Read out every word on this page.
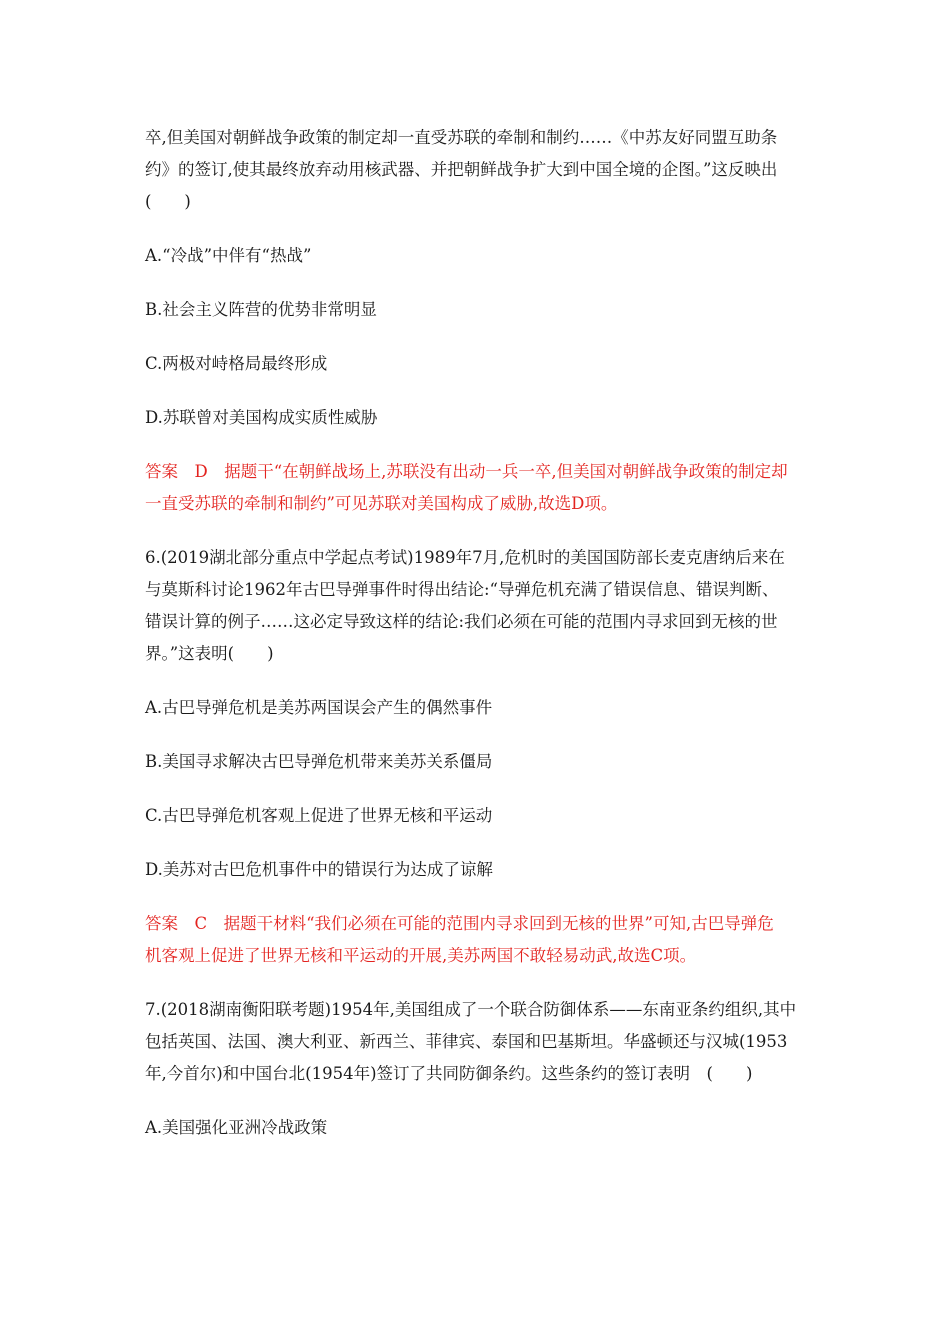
卒,但美国对朝鲜战争政策的制定却一直受苏联的牵制和制约……《中苏友好同盟互助条

约》的签订,使其最终放弃动用核武器、并把朝鲜战争扩大到中国全境的企图。”这反映出

(　　)

A.“冷战”中伴有“热战”

B.社会主义阵营的优势非常明显

C.两极对峙格局最终形成

D.苏联曾对美国构成实质性威胁

答案　D　据题干“在朝鲜战场上,苏联没有出动一兵一卒,但美国对朝鲜战争政策的制定却

一直受苏联的牵制和制约”可见苏联对美国构成了威胁,故选D项。

6.(2019湖北部分重点中学起点考试)1989年7月,危机时的美国国防部长麦克唐纳后来在

与莫斯科讨论1962年古巴导弹事件时得出结论:“导弹危机充满了错误信息、错误判断、

错误计算的例子……这必定导致这样的结论:我们必须在可能的范围内寻求回到无核的世

界。”这表明(　　)

A.古巴导弹危机是美苏两国误会产生的偶然事件

B.美国寻求解决古巴导弹危机带来美苏关系僵局

C.古巴导弹危机客观上促进了世界无核和平运动

D.美苏对古巴危机事件中的错误行为达成了谅解

答案　C　据题干材料“我们必须在可能的范围内寻求回到无核的世界”可知,古巴导弹危

机客观上促进了世界无核和平运动的开展,美苏两国不敢轻易动武,故选C项。

7.(2018湖南衡阳联考题)1954年,美国组成了一个联合防御体系——东南亚条约组织,其中

包括英国、法国、澳大利亚、新西兰、菲律宾、泰国和巴基斯坦。华盛顿还与汉城(1953

年,今首尔)和中国台北(1954年)签订了共同防御条约。这些条约的签订表明　(　　)

A.美国强化亚洲冷战政策
